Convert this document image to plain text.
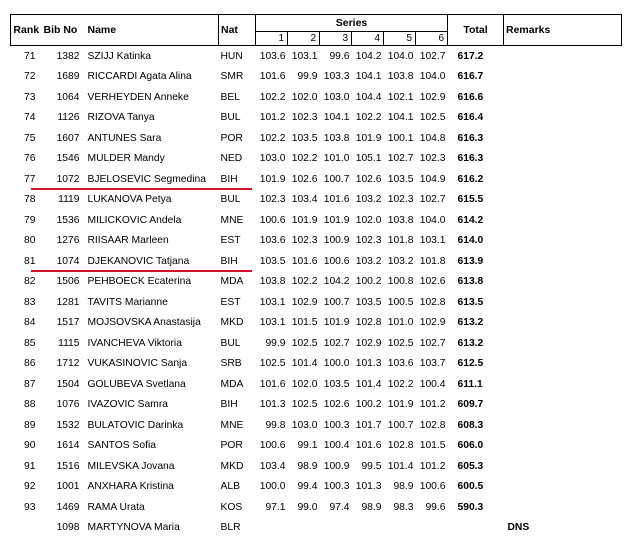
Rank	Bib No	Name	Nat	Series						Total	Remarks
				1	2	3	4	5	6		
71	1382	SZIJJ Katinka	HUN	103.6	103.1	99.6	104.2	104.0	102.7	617.2	
72	1689	RICCARDI Agata Alina	SMR	101.6	99.9	103.3	104.1	103.8	104.0	616.7	
73	1064	VERHEYDEN Anneke	BEL	102.2	102.0	103.0	104.4	102.1	102.9	616.6	
74	1126	RIZOVA Tanya	BUL	101.2	102.3	104.1	102.2	104.1	102.5	616.4	
75	1607	ANTUNES Sara	POR	102.2	103.5	103.8	101.9	100.1	104.8	616.3	
76	1546	MULDER Mandy	NED	103.0	102.2	101.0	105.1	102.7	102.3	616.3	
77	1072	BJELOSEVIC Segmedina	BIH	101.9	102.6	100.7	102.6	103.5	104.9	616.2	
78	1119	LUKANOVA Petya	BUL	102.3	103.4	101.6	103.2	102.3	102.7	615.5	
79	1536	MILICKOVIC Andela	MNE	100.6	101.9	101.9	102.0	103.8	104.0	614.2	
80	1276	RIISAAR Marleen	EST	103.6	102.3	100.9	102.3	101.8	103.1	614.0	
81	1074	DJEKANOVIC Tatjana	BIH	103.5	101.6	100.6	103.2	103.2	101.8	613.9	
82	1506	PEHBOECK Ecaterina	MDA	103.8	102.2	104.2	100.2	100.8	102.6	613.8	
83	1281	TAVITS Marianne	EST	103.1	102.9	100.7	103.5	100.5	102.8	613.5	
84	1517	MOJSOVSKA Anastasija	MKD	103.1	101.5	101.9	102.8	101.0	102.9	613.2	
85	1115	IVANCHEVA Viktoria	BUL	99.9	102.5	102.7	102.9	102.5	102.7	613.2	
86	1712	VUKASINOVIC Sanja	SRB	102.5	101.4	100.0	101.3	103.6	103.7	612.5	
87	1504	GOLUBEVA Svetlana	MDA	101.6	102.0	103.5	101.4	102.2	100.4	611.1	
88	1076	IVAZOVIC Samra	BIH	101.3	102.5	102.6	100.2	101.9	101.2	609.7	
89	1532	BULATOVIC Darinka	MNE	99.8	103.0	100.3	101.7	100.7	102.8	608.3	
90	1614	SANTOS Sofia	POR	100.6	99.1	100.4	101.6	102.8	101.5	606.0	
91	1516	MILEVSKA Jovana	MKD	103.4	98.9	100.9	99.5	101.4	101.2	605.3	
92	1001	ANXHARA Kristina	ALB	100.0	99.4	100.3	101.3	98.9	100.6	600.5	
93	1469	RAMA Urata	KOS	97.1	99.0	97.4	98.9	98.3	99.6	590.3	
	1098	MARTYNOVA Maria	BLR								DNS
